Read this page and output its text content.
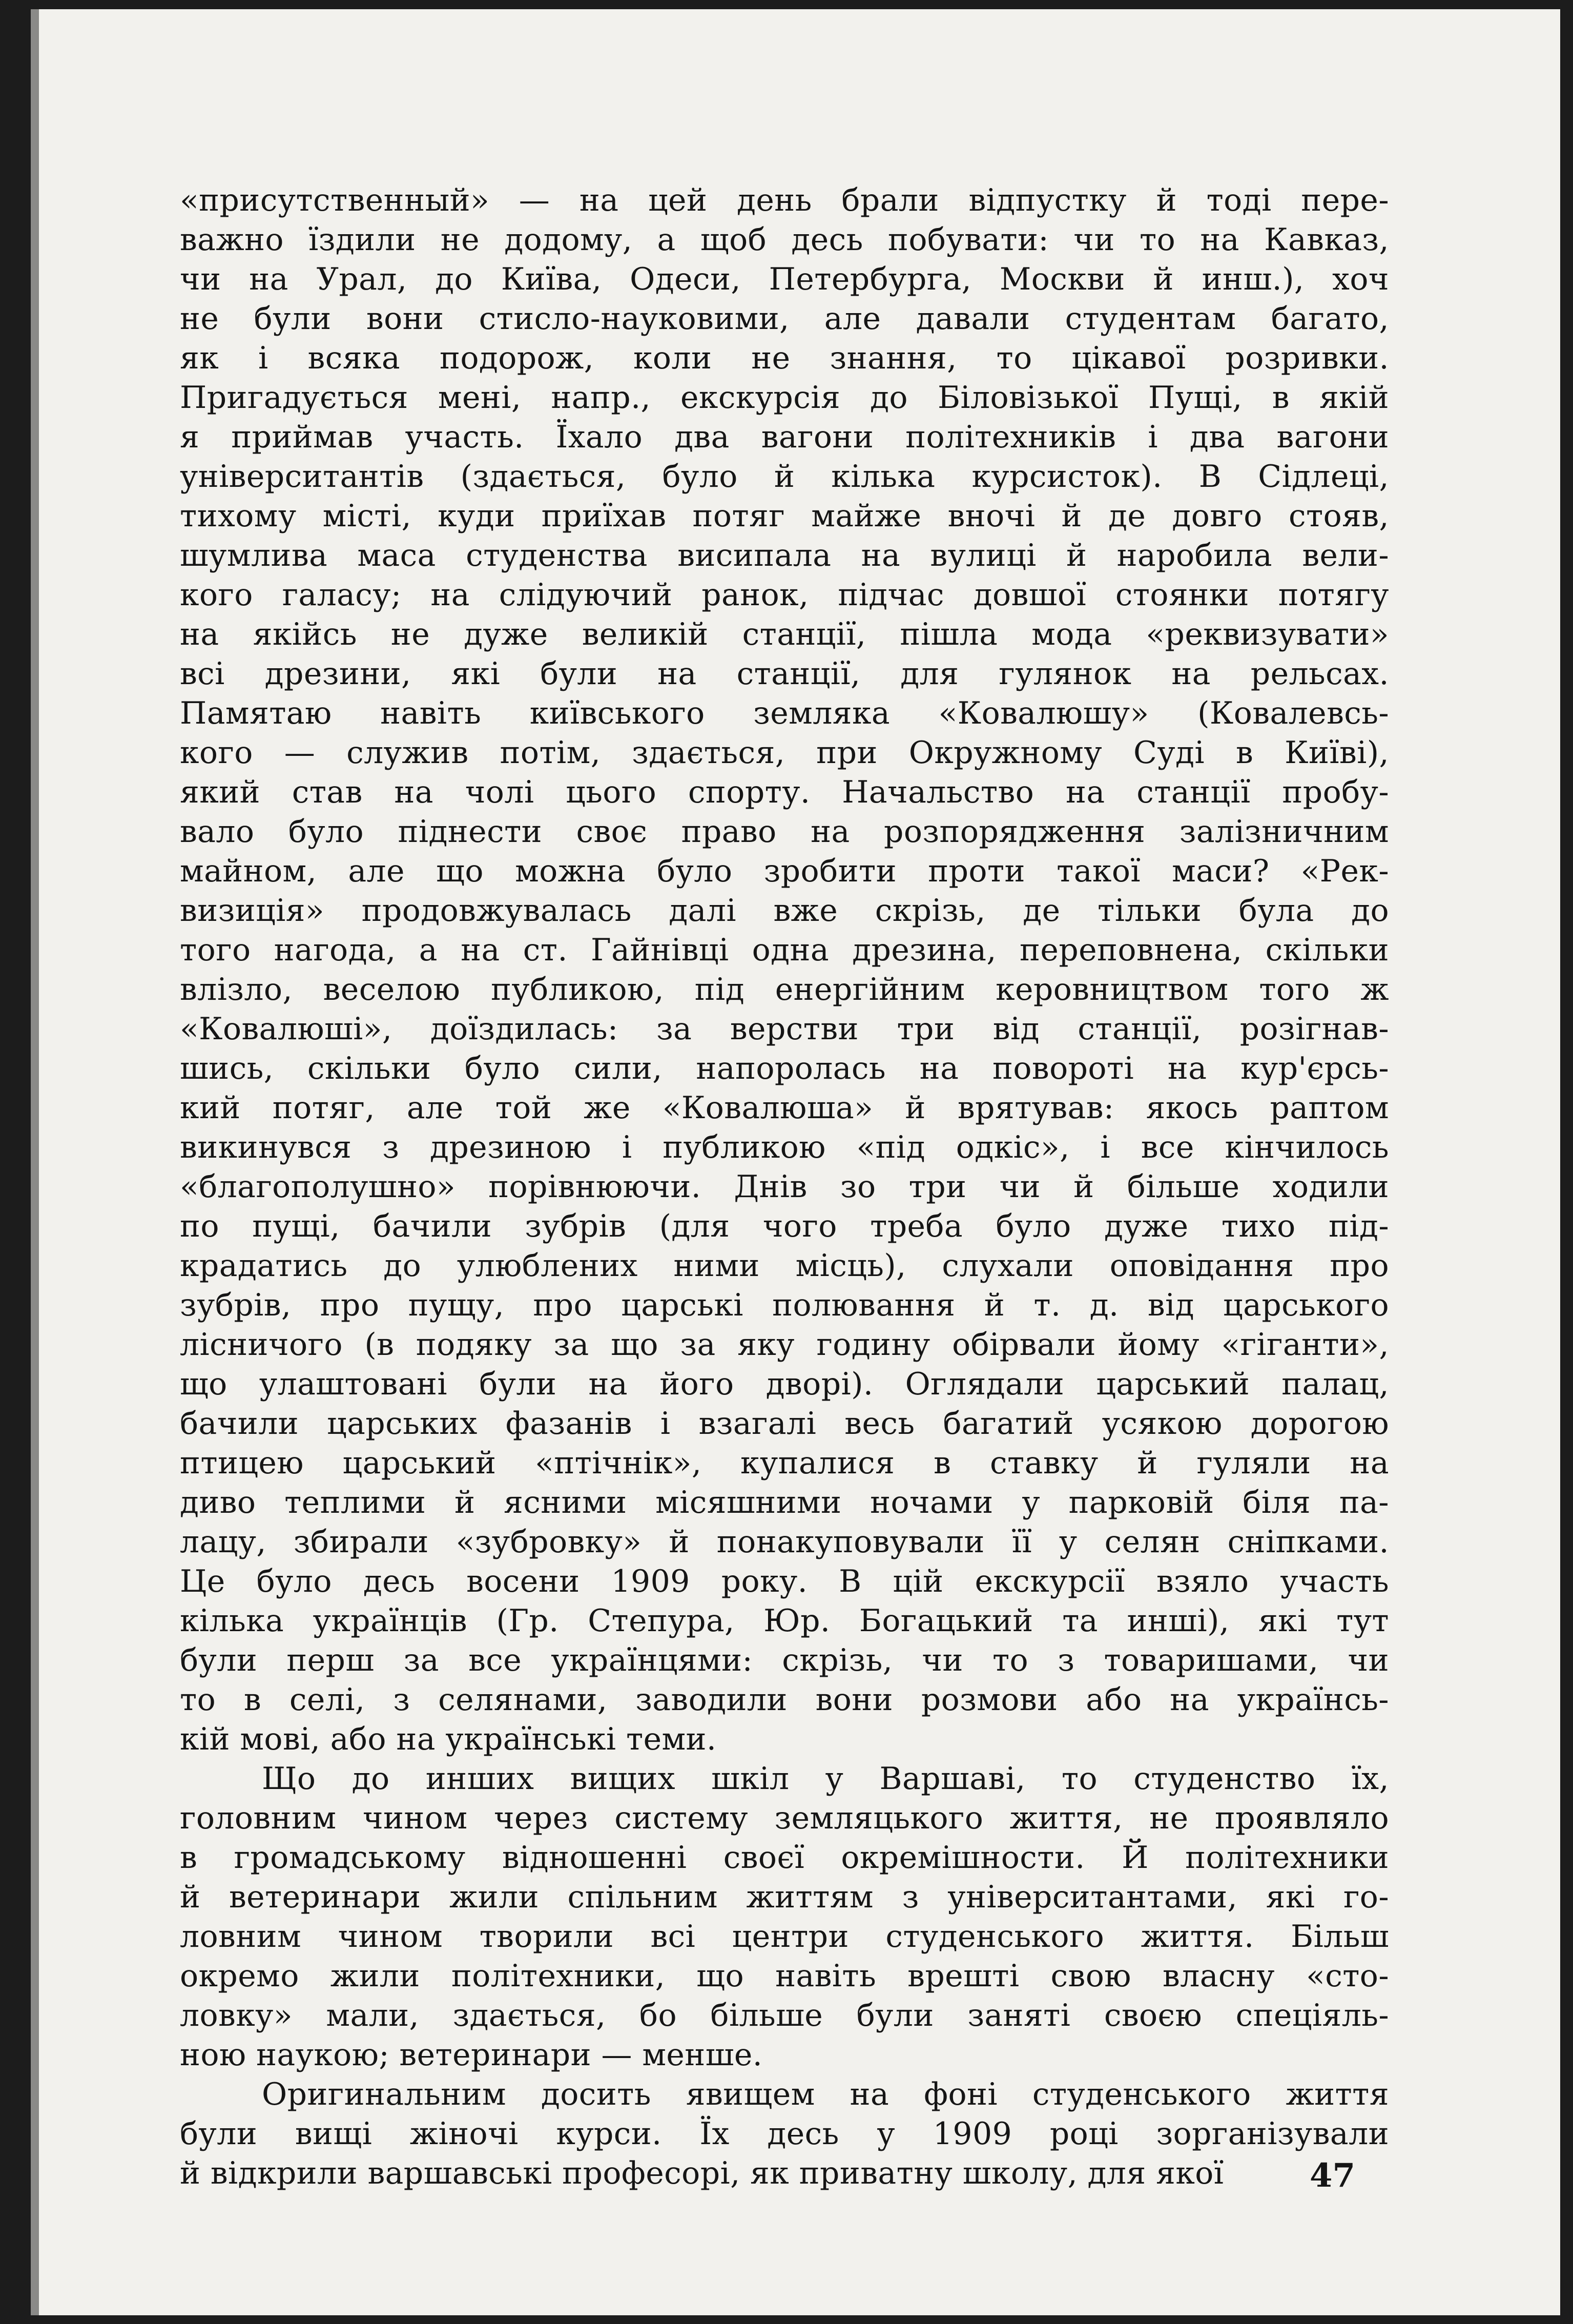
«присутственный» — на цей день брали відпустку й тоді пере-
важно їздили не додому, а щоб десь побувати: чи то на Кавказ,
чи на Урал, до Київа, Одеси, Петербурга, Москви й инш.), хоч
не були вони стисло-науковими, але давали студентам багато,
як і всяка подорож, коли не знання, то цікавої розривки.
Пригадується мені, напр., екскурсія до Біловізької Пущі, в якій
я приймав участь. Їхало два вагони політехників і два вагони
університантів (здається, було й кілька курсисток). В Сідлеці,
тихому місті, куди приїхав потяг майже вночі й де довго стояв,
шумлива маса студенства висипала на вулиці й наробила вели-
кого галасу; на слідуючий ранок, підчас довшої стоянки потягу
на якійсь не дуже великій станції, пішла мода «реквизувати»
всі дрезини, які були на станції, для гулянок на рельсах.
Памятаю навіть київського земляка «Ковалюшу» (Ковалевсь-
кого — служив потім, здається, при Окружному Суді в Київі),
який став на чолі цього спорту. Начальство на станції пробу-
вало було піднести своє право на розпорядження залізничним
майном, але що можна було зробити проти такої маси? «Рек-
визиція» продовжувалась далі вже скрізь, де тільки була до
того нагода, а на ст. Гайнівці одна дрезина, переповнена, скільки
влізло, веселою публикою, під енергійним керовництвом того ж
«Ковалюші», доїздилась: за верстви три від станції, розігнав-
шись, скільки було сили, напоролась на повороті на кур'єрсь-
кий потяг, але той же «Ковалюша» й врятував: якось раптом
викинувся з дрезиною і публикою «під одкіс», і все кінчилось
«благополушно» порівнюючи. Днів зо три чи й більше ходили
по пущі, бачили зубрів (для чого треба було дуже тихо під-
крадатись до улюблених ними місць), слухали оповідання про
зубрів, про пущу, про царські полювання й т. д. від царського
лісничого (в подяку за що за яку годину обірвали йому «гіганти»,
що улаштовані були на його дворі). Оглядали царський палац,
бачили царських фазанів і взагалі весь багатий усякою дорогою
птицею царський «птічнік», купалися в ставку й гуляли на
диво теплими й ясними місяшними ночами у парковій біля па-
лацу, збирали «зубровку» й понакуповували її у селян сніпками.
Це було десь восени 1909 року. В цій екскурсії взяло участь
кілька українців (Гр. Степура, Юр. Богацький та инші), які тут
були перш за все українцями: скрізь, чи то з товаришами, чи
то в селі, з селянами, заводили вони розмови або на українсь-
кій мові, або на українські теми.
Що до инших вищих шкіл у Варшаві, то студенство їх,
головним чином через систему земляцького життя, не проявляло
в громадському відношенні своєї окремішности. Й політехники
й ветеринари жили спільним життям з університантами, які го-
ловним чином творили всі центри студенського життя. Більш
окремо жили політехники, що навіть врешті свою власну «сто-
ловку» мали, здається, бо більше були заняті своєю спеціяль-
ною наукою; ветеринари — менше.
Оригинальним досить явищем на фоні студенського життя
були вищі жіночі курси. Їх десь у 1909 році зорганізували
й відкрили варшавські професорі, як приватну школу, для якої	47
